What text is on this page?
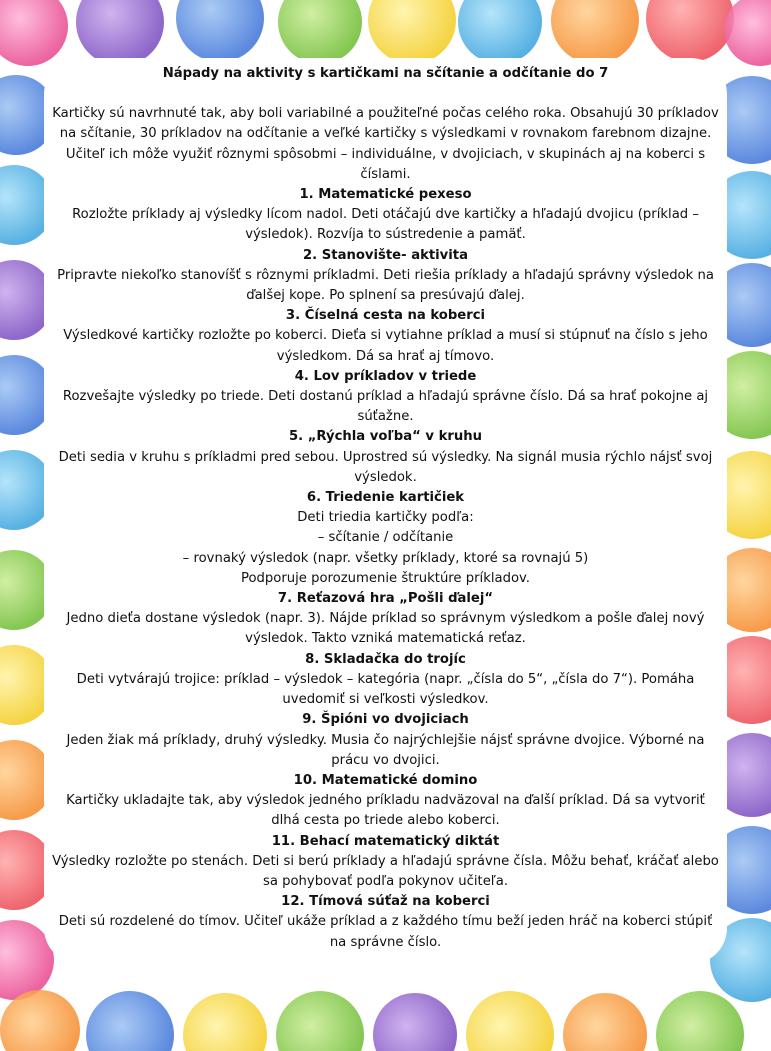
Nápady na aktivity s kartičkami na sčítanie a odčítanie do 7

Kartičky sú navrhnuté tak, aby boli variabilné a použiteľné počas celého roka. Obsahujú 30 príkladov na sčítanie, 30 príkladov na odčítanie a veľké kartičky s výsledkami v rovnakom farebnom dizajne. Učiteľ ich môže využiť rôznymi spôsobmi – individuálne, v dvojiciach, v skupinách aj na koberci s číslami.

1. Matematické pexeso

Rozložte príklady aj výsledky lícom nadol. Deti otáčajú dve kartičky a hľadajú dvojicu (príklad – výsledok). Rozvíja to sústredenie a pamäť.

2. Stanovište- aktivita

Pripravte niekoľko stanovíšť s rôznymi príkladmi. Deti riešia príklady a hľadajú správny výsledok na ďalšej kope. Po splnení sa presúvajú ďalej.

3. Číselná cesta na koberci

Výsledkové kartičky rozložte po koberci. Dieťa si vytiahne príklad a musí si stúpnuť na číslo s jeho výsledkom. Dá sa hrať aj tímovo.

4. Lov príkladov v triede

Rozvešajte výsledky po triede. Deti dostanú príklad a hľadajú správne číslo. Dá sa hrať pokojne aj súťažne.

5. „Rýchla voľba“ v kruhu

Deti sedia v kruhu s príkladmi pred sebou. Uprostred sú výsledky. Na signál musia rýchlo nájsť svoj výsledok.

6. Triedenie kartičiek

Deti triedia kartičky podľa:
– sčítanie / odčítanie
– rovnaký výsledok (napr. všetky príklady, ktoré sa rovnajú 5)
Podporuje porozumenie štruktúre príkladov.

7. Reťazová hra „Pošli ďalej“

Jedno dieťa dostane výsledok (napr. 3). Nájde príklad so správnym výsledkom a pošle ďalej nový výsledok. Takto vzniká matematická reťaz.

8. Skladačka do trojíc

Deti vytvárajú trojice: príklad – výsledok – kategória (napr. „čísla do 5“, „čísla do 7“). Pomáha uvedomiť si veľkosti výsledkov.

9. Špióni vo dvojiciach

Jeden žiak má príklady, druhý výsledky. Musia čo najrýchlejšie nájsť správne dvojice. Výborné na prácu vo dvojici.

10. Matematické domino

Kartičky ukladajte tak, aby výsledok jedného príkladu nadväzoval na ďalší príklad. Dá sa vytvoriť dlhá cesta po triede alebo koberci.

11. Behací matematický diktát

Výsledky rozložte po stenách. Deti si berú príklady a hľadajú správne čísla. Môžu behať, kráčať alebo sa pohybovať podľa pokynov učiteľa.

12. Tímová súťaž na koberci

Deti sú rozdelené do tímov. Učiteľ ukáže príklad a z každého tímu beží jeden hráč na koberci stúpiť na správne číslo.
